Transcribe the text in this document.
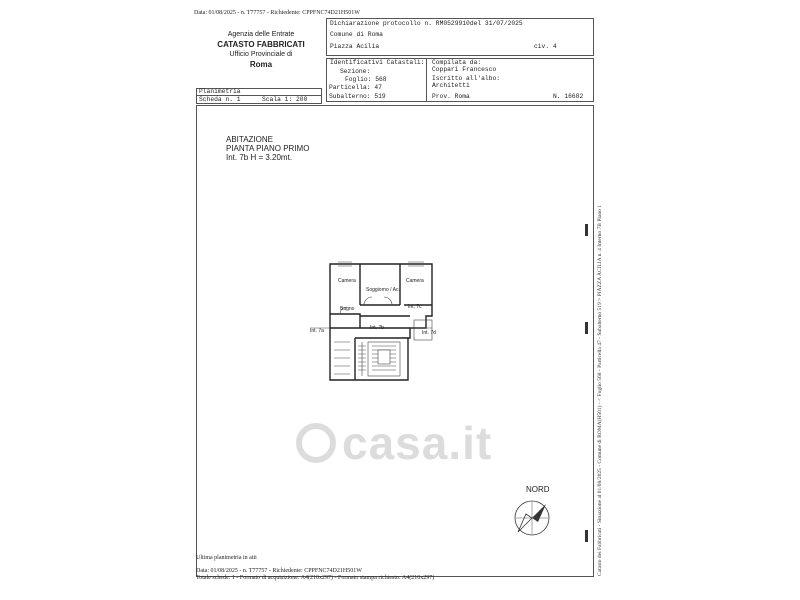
Data: 01/08/2025 - n. T77757 - Richiedente: CPPFNC74D21H501W
Agenzia delle Entrate
CATASTO FABBRICATI
Ufficio Provinciale di
Roma
Dichiarazione protocollo n. RM0529910del 31/07/2025
Comune di Roma
Piazza Acilia	civ. 4
Identificativi Catastali:
Sezione:
Foglio: 568
Particella: 47
Subalterno: 519
Compilata da:
Coppari Francesco
Iscritto all'albo:
Architetti
Prov. Roma	N. 16682
Planimetria
Scheda n. 1	Scala 1: 200
ABITAZIONE
PIANTA PIANO PRIMO
Int. 7b H = 3.20mt.
Camera
Soggiorno / Ac.
Camera
Bagno	Int. 7c
Int. 7a	Int. 7b
Int. 7d
casa.it
NORD	Catasto dei Fabbricati - Situazione al 01/08/2025 - Comune di ROMA(H501) - < Foglio 568 - Particella 47 - Subalterno 519 > PIAZZA ACILIA n. 4 Interno 7B Piano 1
Ultima planimetria in atti
Data: 01/08/2025 - n. T77757 - Richiedente: CPPFNC74D21H501W
Totale schede: 1 - Formato di acquisizione: A4(210x297) - Formato stampa richiesto: A4(210x297)
